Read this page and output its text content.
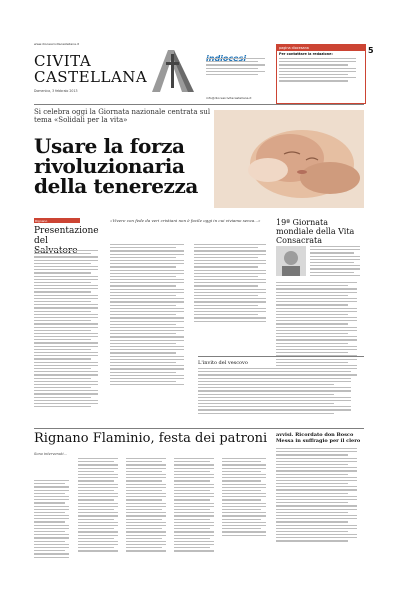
www.diocesicivitacastellana.it
CIVITA
CASTELLANA
Domenica, 3 febbraio 2013
info@diocesicivitacastellana.it
pagina diocesana
Per contattare la redazione:	5
Si celebra oggi la Giornata nazionale centrata sul tema «Solidali per la vita»
Usare la forza rivoluzionaria della tenerezza
Rignano
Presentazione del
«Vivere con fede da veri cristiani non è facile oggi in cui viviamo senza...»	19ª Giornata mondiale della Vita Consacrata
L'invito del vescovo
Rignano Flaminio, festa dei patroni
Sono intervenuti...
avvisi. Ricordato don Bosco Messa in suffragio per il clero
